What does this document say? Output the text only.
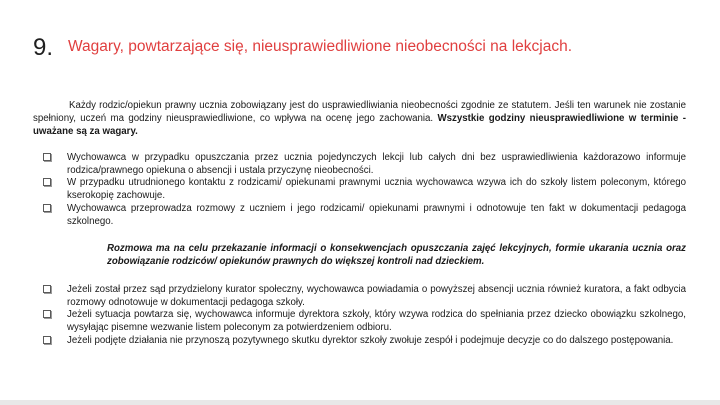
9. Wagary, powtarzające się, nieusprawiedliwione nieobecności na lekcjach.
Każdy rodzic/opiekun prawny ucznia zobowiązany jest do usprawiedliwiania nieobecności zgodnie ze statutem. Jeśli ten warunek nie zostanie spełniony, uczeń ma godziny nieusprawiedliwione, co wpływa na ocenę jego zachowania. Wszystkie godziny nieusprawiedliwione w terminie - uważane są za wagary.
Wychowawca w przypadku opuszczania przez ucznia pojedynczych lekcji lub całych dni bez usprawiedliwienia każdorazowo informuje rodzica/prawnego opiekuna o absencji i ustala przyczynę nieobecności.
W przypadku utrudnionego kontaktu z rodzicami/ opiekunami prawnymi ucznia wychowawca wzywa ich do szkoły listem poleconym, którego kserokopię zachowuje.
Wychowawca przeprowadza rozmowy z uczniem i jego rodzicami/ opiekunami prawnymi i odnotowuje ten fakt w dokumentacji pedagoga szkolnego.
Rozmowa ma na celu przekazanie informacji o konsekwencjach opuszczania zajęć lekcyjnych, formie ukarania ucznia oraz zobowiązanie rodziców/ opiekunów prawnych do większej kontroli nad dzieckiem.
Jeżeli został przez sąd przydzielony kurator społeczny, wychowawca powiadamia o powyższej absencji ucznia również kuratora, a fakt odbycia rozmowy odnotowuje w dokumentacji pedagoga szkoły.
Jeżeli sytuacja powtarza się, wychowawca informuje dyrektora szkoły, który wzywa rodzica do spełniania przez dziecko obowiązku szkolnego, wysyłając pisemne wezwanie listem poleconym za potwierdzeniem odbioru.
Jeżeli podjęte działania nie przynoszą pozytywnego skutku dyrektor szkoły zwołuje zespół i podejmuje decyzje co do dalszego postępowania.
